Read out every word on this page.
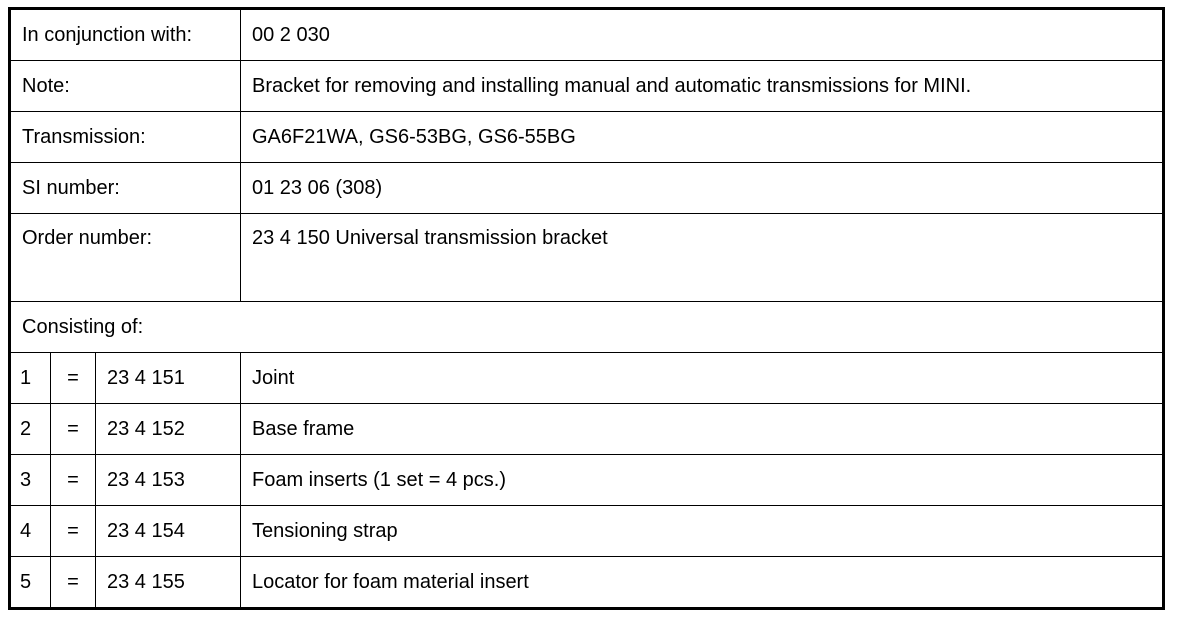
In conjunction with:			00 2 030
Note:			Bracket for removing and installing manual and automatic transmissions for MINI.
Transmission:			GA6F21WA, GS6-53BG, GS6-55BG
SI number:			01 23 06 (308)
Order number:			23 4 150 Universal transmission bracket
Consisting of:			
1	=	23 4 151	Joint
2	=	23 4 152	Base frame
3	=	23 4 153	Foam inserts (1 set = 4 pcs.)
4	=	23 4 154	Tensioning strap
5	=	23 4 155	Locator for foam material insert
